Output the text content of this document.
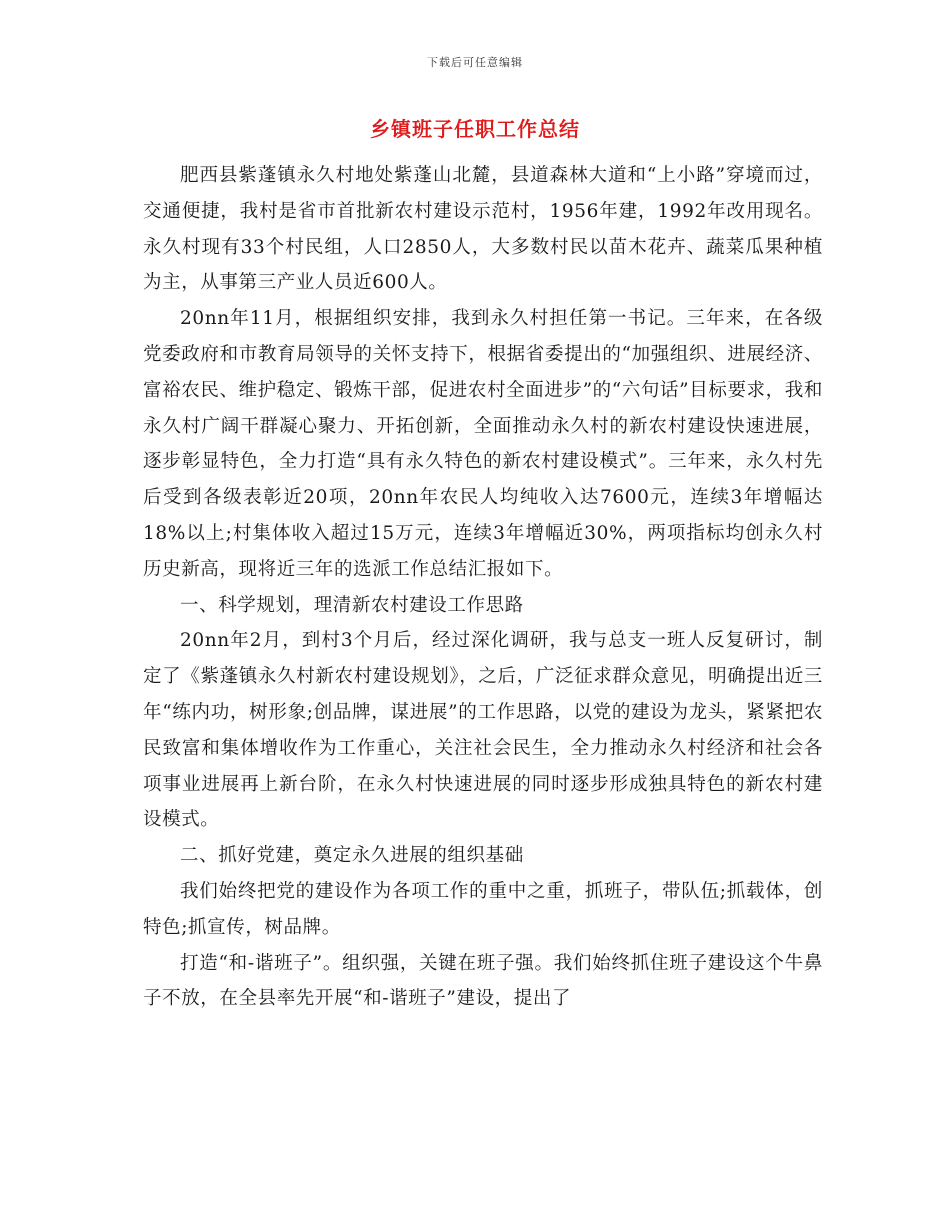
下载后可任意编辑
乡镇班子任职工作总结

肥西县紫蓬镇永久村地处紫蓬山北麓，县道森林大道和“上小路”穿境而过，交通便捷，我村是省市首批新农村建设示范村，1956年建，1992年改用现名。永久村现有33个村民组，人口2850人，大多数村民以苗木花卉、蔬菜瓜果种植为主，从事第三产业人员近600人。

20nn年11月，根据组织安排，我到永久村担任第一书记。三年来，在各级党委政府和市教育局领导的关怀支持下，根据省委提出的“加强组织、进展经济、富裕农民、维护稳定、锻炼干部，促进农村全面进步”的“六句话”目标要求，我和永久村广阔干群凝心聚力、开拓创新，全面推动永久村的新农村建设快速进展，逐步彰显特色，全力打造“具有永久特色的新农村建设模式”。三年来，永久村先后受到各级表彰近20项，20nn年农民人均纯收入达7600元，连续3年增幅达18%以上;村集体收入超过15万元，连续3年增幅近30%，两项指标均创永久村历史新高，现将近三年的选派工作总结汇报如下。

一、科学规划，理清新农村建设工作思路

20nn年2月，到村3个月后，经过深化调研，我与总支一班人反复研讨，制定了《紫蓬镇永久村新农村建设规划》，之后，广泛征求群众意见，明确提出近三年“练内功，树形象;创品牌，谋进展”的工作思路，以党的建设为龙头，紧紧把农民致富和集体增收作为工作重心，关注社会民生，全力推动永久村经济和社会各项事业进展再上新台阶，在永久村快速进展的同时逐步形成独具特色的新农村建设模式。

二、抓好党建，奠定永久进展的组织基础

我们始终把党的建设作为各项工作的重中之重，抓班子，带队伍;抓载体，创特色;抓宣传，树品牌。

打造“和-谐班子”。组织强，关键在班子强。我们始终抓住班子建设这个牛鼻子不放，在全县率先开展“和-谐班子”建设，提出了
